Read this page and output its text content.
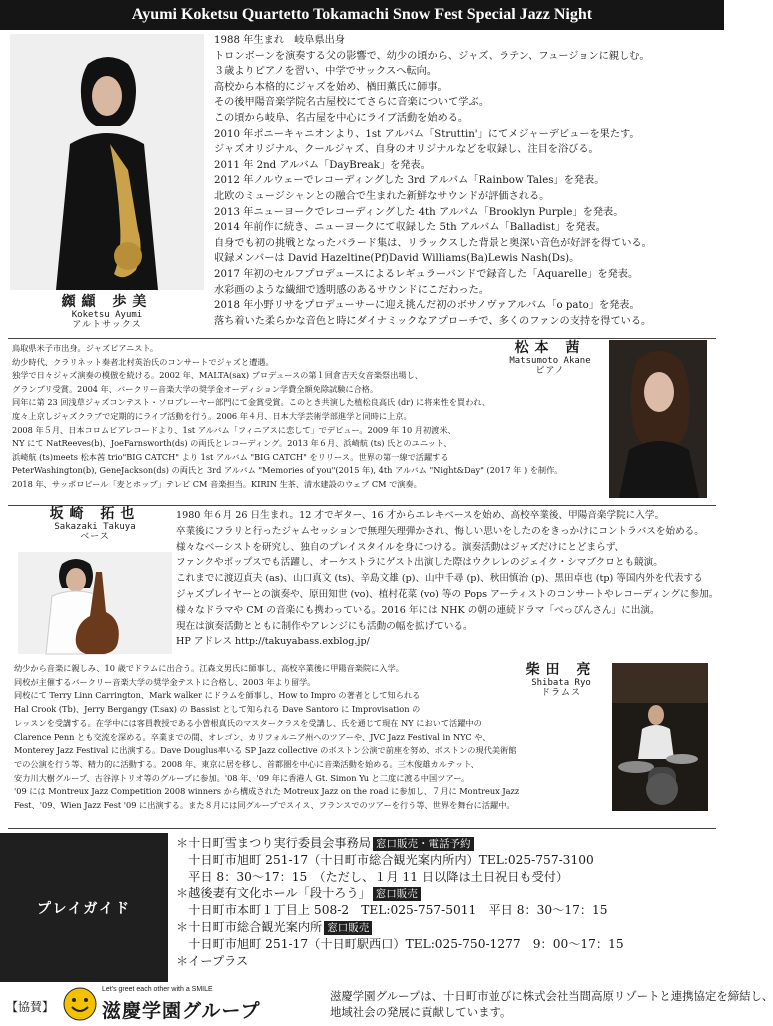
Ayumi Koketsu Quartetto Tokamachi Snow Fest Special Jazz Night
纐纈 歩美
Koketsu Ayumi
アルトサックス
1988 年生まれ　岐阜県出身
トロンボーンを演奏する父の影響で、幼少の頃から、ジャズ、ラテン、フュージョンに親しむ。
３歳よりピアノを習い、中学でサックスへ転向。
高校から本格的にジャズを始め、楢田薫氏に師事。
その後甲陽音楽学院名古屋校にてさらに音楽について学ぶ。
この頃から岐阜、名古屋を中心にライブ活動を始める。
2010 年ポニーキャニオンより、1st アルバム「Struttin'」にてメジャーデビューを果たす。
ジャズオリジナル、クールジャズ、自身のオリジナルなどを収録し、注目を浴びる。
2011 年 2nd アルバム「DayBreak」を発表。
2012 年ノルウェーでレコーディングした 3rd アルバム「Rainbow Tales」を発表。
北欧のミュージシャンとの融合で生まれた新鮮なサウンドが評価される。
2013 年ニューヨークでレコーディングした 4th アルバム「Brooklyn Purple」を発表。
2014 年前作に続き、ニューヨークにて収録した 5th アルバム「Balladist」を発表。
自身でも初の挑戦となったバラード集は、リラックスした背景と奥深い音色が好評を得ている。
収録メンバーは David Hazeltine(Pf)David Williams(Ba)Lewis Nash(Ds)。
2017 年初のセルフプロデュースによるレギュラーバンドで録音した「Aquarelle」を発表。
水彩画のような繊細で透明感のあるサウンドにこだわった。
2018 年小野リサをプロデューサーに迎え挑んだ初のボサノヴァアルバム「o pato」を発表。
落ち着いた柔らかな音色と時にダイナミックなアプローチで、多くのファンの支持を得ている。
鳥取県米子市出身。ジャズピアニスト。
幼少時代、クラリネット奏者北村英治氏のコンサートでジャズと遭遇。
独学で日々ジャズ演奏の模倣を続ける。2002 年、MALTA(sax) プロデュースの第１回倉吉天女音楽祭出場し、
グランプリ受賞。2004 年、バークリー音楽大学の奨学金オーディション学費全額免除試験に合格。
同年に第 23 回浅草ジャズコンテスト・ソロプレーヤー部門にて金賞受賞。このとき共演した植松良高氏 (dr) に将来性を買われ、
度々上京しジャズクラブで定期的にライブ活動を行う。2006 年４月、日本大学芸術学部進学と同時に上京。
2008 年５月、日本コロムビアレコードより、1st アルバム「フィニアスに恋して」でデビュー。2009 年 10 月初渡米、
NY にて NatReeves(b)、JoeFarnsworth(ds) の両氏とレコーディング。2013 年６月、浜崎航 (ts) 氏とのユニット、
浜崎航 (ts)meets 松本茜 trio"BIG CATCH" より 1st アルバム "BIG CATCH" をリリース。世界の第一線で活躍する
PeterWashington(b), GeneJackson(ds) の両氏と 3rd アルバム "Memories of you"(2015 年), 4th アルバム "Night&Day" (2017 年 ) を制作。
2018 年、サッポロビール「麦とホップ」テレビ CM 音楽担当。KIRIN 生茶、清水建設のウェブ CM で演奏。
松本 茜
Matsumoto Akane
ピアノ
坂崎 拓也
Sakazaki Takuya
ベース
1980 年６月 26 日生まれ。12 才でギター、16 才からエレキベースを始め、高校卒業後、甲陽音楽学院に入学。
卒業後にフラリと行ったジャムセッションで無理矢理弾かされ、悔しい思いをしたのをきっかけにコントラバスを始める。
様々なベーシストを研究し、独自のプレイスタイルを身につける。演奏活動はジャズだけにとどまらず、
ファンクやポップスでも活躍し、オーケストラにゲスト出演した際はウクレレのジェイク・シマブクロとも競演。
これまでに渡辺貞夫 (as)、山口真文 (ts)、辛島文雄 (p)、山中千尋 (p)、秋田慎治 (p)、黒田卓也 (tp) 等国内外を代表する
ジャズプレイヤーとの演奏や、原田知世 (vo)、植村花菜 (vo) 等の Pops アーティストのコンサートやレコーディングに参加。
様々なドラマや CM の音楽にも携わっている。2016 年には NHK の朝の連続ドラマ「べっぴんさん」に出演。
現在は演奏活動とともに制作やアレンジにも活動の幅を拡げている。
HP アドレス http://takuyabass.exblog.jp/
幼少から音楽に親しみ、10 歳でドラムに出合う。江森文男氏に師事し、高校卒業後に甲陽音楽院に入学。
同校が主催するバークリー音楽大学の奨学金テストに合格し、2003 年より留学。
同校にて Terry Linn Carrington、Mark walker にドラムを師事し、How to Impro の著者として知られる
Hal Crook (Tb)、Jerry Bergangy (T.sax) の Bassist として知られる Dave Santoro に Improvisation の
レッスンを受講する。在学中には客員教授である小曽根真氏のマスタークラスを受講し、氏を通じて現在 NY において活躍中の
Clarence Penn とも交流を深める。卒業までの間、オレゴン、カリフォルニア州へのツアーや、JVC Jazz Festival in NYC や、
Monterey Jazz Festival に出演する。Dave Douglus率いる SP Jazz collective のボストン公演で前座を努め、ボストンの現代美術館
での公演を行う等、精力的に活動する。2008 年、東京に居を移し、首都圏を中心に音楽活動を始める。三木俊雄カルテット、
安力川大樹グループ、古谷淳トリオ等のグループに参加。'08 年、'09 年に香港人 Gt. Simon Yu と二度に渡る中国ツアー。
'09 には Montreux Jazz Competition 2008 winners から構成された Motreux Jazz on the road に参加し、７月に Montreux Jazz
Fest、'09、Wien Jazz Fest '09 に出演する。また８月には同グループでスイス、フランスでのツアーを行う等、世界を舞台に活躍中。
柴田 亮
Shibata Ryo
ドラムス
プレイガイド
＊十日町雪まつり実行委員会事務局 窓口販売・電話予約
　十日町市旭町 251-17（十日町市総合観光案内所内）TEL:025-757-3100
　平日 8：30〜17：15　（ただし、１月 11 日以降は土日祝日も受付）
＊越後妻有文化ホール「段十ろう」 窓口販売
　十日町市本町１丁目上 508-2　TEL:025-757-5011　平日 8：30〜17：15
＊十日町市総合観光案内所 窓口販売
　十日町市旭町 251-17（十日町駅西口）TEL:025-750-1277　9：00〜17：15
＊イープラス
【協賛】
Let's greet each other with a SMILE
滋慶学園グループ
滋慶学園グループは、十日町市並びに株式会社当間高原リゾートと連携協定を締結し、
地域社会の発展に貢献しています。
